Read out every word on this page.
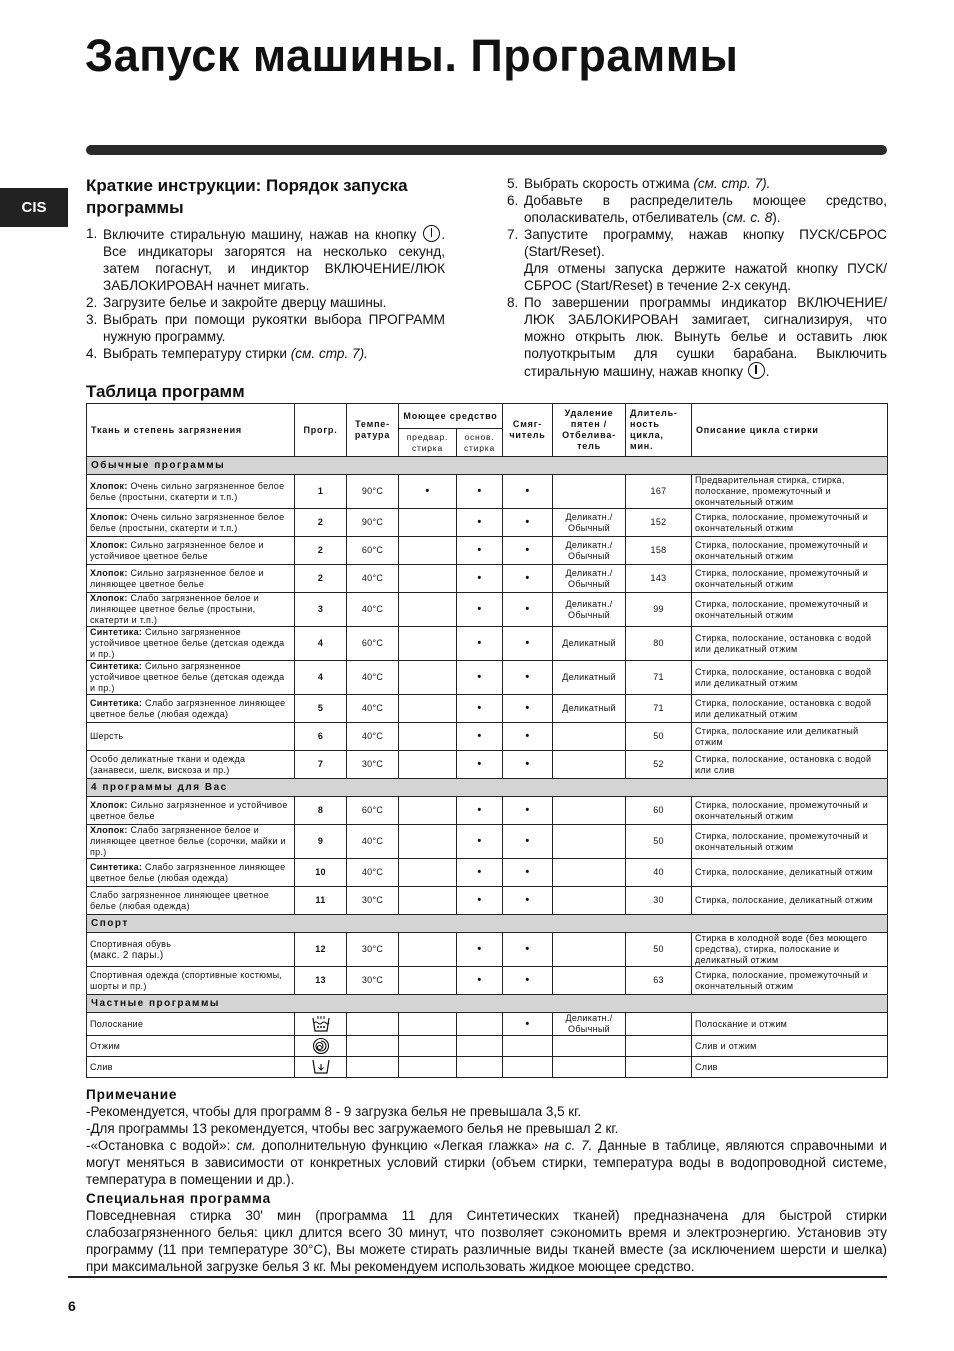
Запуск машины. Программы
CIS
Краткие инструкции: Порядок запуска программы
1. Включите стиральную машину, нажав на кнопку . Все индикаторы загорятся на несколько секунд, затем погаснут, и индиктор ВКЛЮЧЕНИЕ/ЛЮК ЗАБЛОКИРОВАН начнет мигать.
2. Загрузите белье и закройте дверцу машины.
3. Выбрать при помощи рукоятки выбора ПРОГРАММ нужную программу.
4. Выбрать температуру стирки (см. стр. 7).
5. Выбрать скорость отжима (см. стр. 7).
6. Добавьте в распределитель моющее средство, ополаскиватель, отбеливатель (см. с. 8).
7. Запустите программу, нажав кнопку ПУСК/СБРОС (Start/Reset).
Для отмены запуска держите нажатой кнопку ПУСК/СБРОС (Start/Reset) в течение 2-х секунд.
8. По завершении программы индикатор ВКЛЮЧЕНИЕ/ЛЮК ЗАБЛОКИРОВАН замигает, сигнализируя, что можно открыть люк. Вынуть белье и оставить люк полуоткрытым для сушки барабана. Выключить стиральную машину, нажав кнопку .
Таблица программ
Ткань и степень загрязнения	Прогр.	Темпе-ратура	Моющее средство		Смяг-читель	Удаление пятен / Отбелива-тель	Длитель-ность цикла, мин.	Описание цикла стирки
			предвар. стирка	основ. стирка				
Обычные программы								
Хлопок: Очень сильно загрязненное белое белье (простыни, скатерти и т.п.)	1	90°C	•	•	•		167	Предварительная стирка, стирка, полоскание, промежуточный и окончательный отжим
Хлопок: Очень сильно загрязненное белое белье (простыни, скатерти и т.п.)	2	90°C		•	•	Деликатн./ Обычный	152	Стирка, полоскание, промежуточный и окончательный отжим
Хлопок: Сильно загрязненное белое и устойчивое цветное белье	2	60°C		•	•	Деликатн./ Обычный	158	Стирка, полоскание, промежуточный и окончательный отжим
Хлопок: Сильно загрязненное белое и линяющее цветное белье	2	40°C		•	•	Деликатн./ Обычный	143	Стирка, полоскание, промежуточный и окончательный отжим
Хлопок: Слабо загрязненное белое и линяющее цветное белье (простыни, скатерти и т.п.)	3	40°C		•	•	Деликатн./ Обычный	99	Стирка, полоскание, промежуточный и окончательный отжим
Синтетика: Сильно загрязненное устойчивое цветное белье (детская одежда и пр.)	4	60°C		•	•	Деликатный	80	Стирка, полоскание, остановка с водой или деликатный отжим
Синтетика: Сильно загрязненное устойчивое цветное белье (детская одежда и пр.)	4	40°C		•	•	Деликатный	71	Стирка, полоскание, остановка с водой или деликатный отжим
Синтетика: Слабо загрязненное линяющее цветное белье (любая одежда)	5	40°C		•	•	Деликатный	71	Стирка, полоскание, остановка с водой или деликатный отжим
Шерсть	6	40°C		•	•		50	Стирка, полоскание или деликатный отжим
Особо деликатные ткани и одежда (занавеси, шелк, вискоза и пр.)	7	30°C		•	•		52	Стирка, полоскание, остановка с водой или слив
4 программы для Вас								
Хлопок: Сильно загрязненное и устойчивое цветное белье	8	60°C		•	•		60	Стирка, полоскание, промежуточный и окончательный отжим
Хлопок: Слабо загрязненное белое и линяющее цветное белье (сорочки, майки и пр.)	9	40°C		•	•		50	Стирка, полоскание, промежуточный и окончательный отжим
Синтетика: Слабо загрязненное линяющее цветное белье (любая одежда)	10	40°C		•	•		40	Стирка, полоскание, деликатный отжим
Слабо загрязненное линяющее цветное белье (любая одежда)	11	30°C		•	•		30	Стирка, полоскание, деликатный отжим
Спорт								
Спортивная обувь
(макс. 2 пары.)	12	30°C		•	•		50	Стирка в холодной воде (без моющего средства), стирка, полоскание и деликатный отжим
Спортивная одежда (спортивные костюмы, шорты и пр.)	13	30°C		•	•		63	Стирка, полоскание, промежуточный и окончательный отжим
Частные программы								
Полоскание					•	Деликатн./ Обычный		Полоскание и отжим
Отжим								Слив и отжим
Слив								Слив
Примечание

-Рекомендуется, чтобы для программ 8 - 9 загрузка белья не превышала 3,5 кг.

-Для программы 13 рекомендуется, чтобы вес загружаемого белья не превышал 2 кг.

-«Остановка с водой»: см. дополнительную функцию «Легкая глажка» на с. 7. Данные в таблице, являются справочными и могут меняться в зависимости от конкретных условий стирки (объем стирки, температура воды в водопроводной системе, температура в помещении и др.).

Специальная программа

Повседневная стирка 30' мин (программа 11 для Синтетических тканей) предназначена для быстрой стирки слабозагрязненного белья: цикл длится всего 30 минут, что позволяет сэкономить время и электроэнергию. Установив эту программу (11 при температуре 30°C), Вы можете стирать различные виды тканей вместе (за исключением шерсти и шелка) при максимальной загрузке белья 3 кг. Мы рекомендуем использовать жидкое моющее средство.

6
